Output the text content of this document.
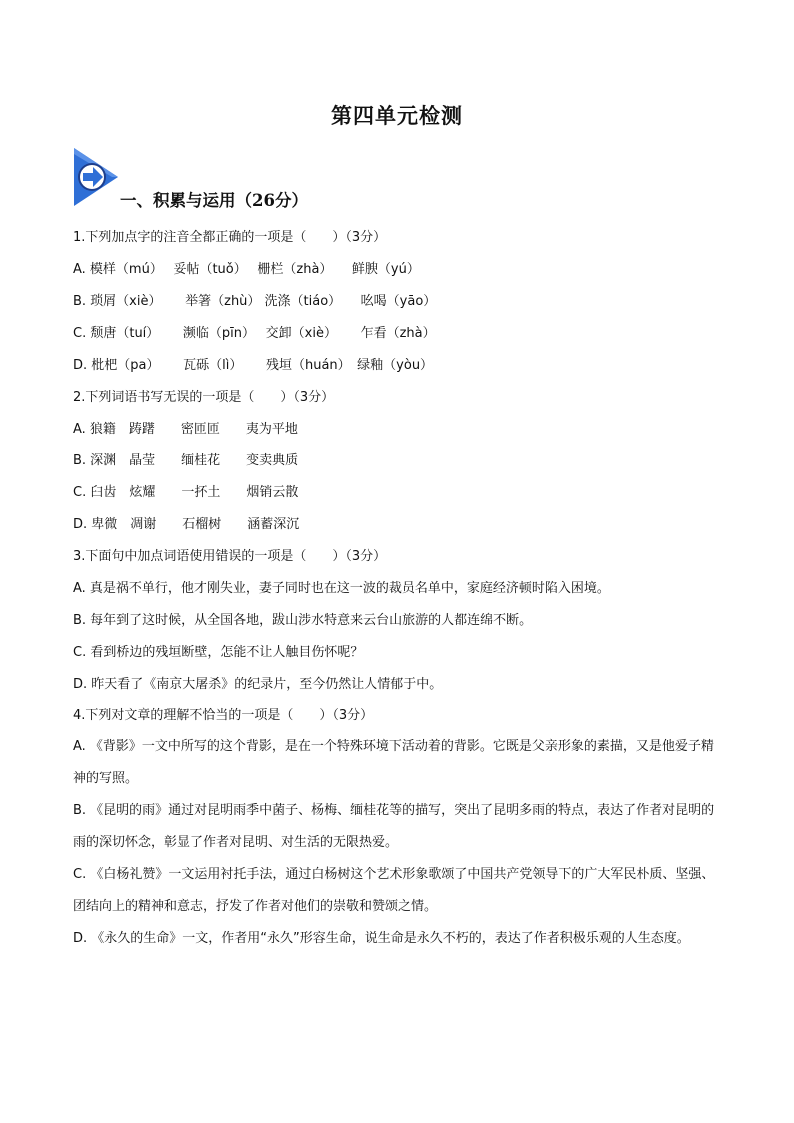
第四单元检测
一、积累与运用（26分）
1.下列加点字的注音全都正确的一项是（　　）（3分）
A. 模样（mú）　 妥帖（tuǒ）　 栅栏（zhà）　　鲜腴（yú）
B. 琐屑（xiè）　　 举箸（zhù） 洗涤（tiáo）　　吆喝（yāo）
C. 颓唐（tuí）　　 濒临（pīn）　 交卸（xiè）　　 乍看（zhà）
D. 枇杷（pa）　　 瓦砾（lì）　　 残垣（huán）　绿釉（yòu）
2.下列词语书写无误的一项是（　　）（3分）
A. 狼籍　踌躇　　密匝匝　　夷为平地
B. 深渊　晶莹　　缅桂花　　变卖典质
C. 臼齿　炫耀　　一抔土　　烟销云散
D. 卑微　凋谢　　石榴树　　涵蓄深沉
3.下面句中加点词语使用错误的一项是（　　）（3分）
A. 真是祸不单行，他才刚失业，妻子同时也在这一波的裁员名单中，家庭经济顿时陷入困境。
B. 每年到了这时候，从全国各地，跋山涉水特意来云台山旅游的人都连绵不断。
C. 看到桥边的残垣断壁，怎能不让人触目伤怀呢？
D. 昨天看了《南京大屠杀》的纪录片，至今仍然让人情郁于中。
4.下列对文章的理解不恰当的一项是（　　）（3分）
A. 《背影》一文中所写的这个背影，是在一个特殊环境下活动着的背影。它既是父亲形象的素描，又是他爱子精神的写照。
B. 《昆明的雨》通过对昆明雨季中菌子、杨梅、缅桂花等的描写，突出了昆明多雨的特点，表达了作者对昆明的雨的深切怀念，彰显了作者对昆明、对生活的无限热爱。
C. 《白杨礼赞》一文运用衬托手法，通过白杨树这个艺术形象歌颂了中国共产党领导下的广大军民朴质、坚强、团结向上的精神和意志，抒发了作者对他们的崇敬和赞颂之情。
D. 《永久的生命》一文，作者用“永久”形容生命，说生命是永久不朽的，表达了作者积极乐观的人生态度。
